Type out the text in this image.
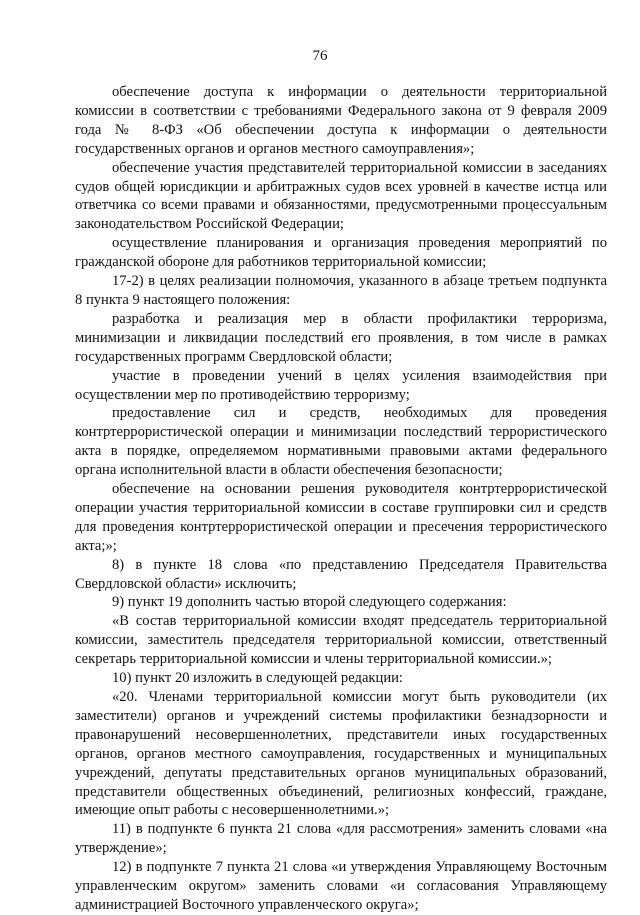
76

обеспечение доступа к информации о деятельности территориальной комиссии в соответствии с требованиями Федерального закона от 9 февраля 2009 года № 8-ФЗ «Об обеспечении доступа к информации о деятельности государственных органов и органов местного самоуправления»;

обеспечение участия представителей территориальной комиссии в заседаниях судов общей юрисдикции и арбитражных судов всех уровней в качестве истца или ответчика со всеми правами и обязанностями, предусмотренными процессуальным законодательством Российской Федерации;

осуществление планирования и организация проведения мероприятий по гражданской обороне для работников территориальной комиссии;

17-2) в целях реализации полномочия, указанного в абзаце третьем подпункта 8 пункта 9 настоящего положения:

разработка и реализация мер в области профилактики терроризма, минимизации и ликвидации последствий его проявления, в том числе в рамках государственных программ Свердловской области;

участие в проведении учений в целях усиления взаимодействия при осуществлении мер по противодействию терроризму;

предоставление сил и средств, необходимых для проведения контртеррористической операции и минимизации последствий террористического акта в порядке, определяемом нормативными правовыми актами федерального органа исполнительной власти в области обеспечения безопасности;

обеспечение на основании решения руководителя контртеррористической операции участия территориальной комиссии в составе группировки сил и средств для проведения контртеррористической операции и пресечения террористического акта;»;

8) в пункте 18 слова «по представлению Председателя Правительства Свердловской области» исключить;

9) пункт 19 дополнить частью второй следующего содержания:

«В состав территориальной комиссии входят председатель территориальной комиссии, заместитель председателя территориальной комиссии, ответственный секретарь территориальной комиссии и члены территориальной комиссии.»;

10) пункт 20 изложить в следующей редакции:

«20. Членами территориальной комиссии могут быть руководители (их заместители) органов и учреждений системы профилактики безнадзорности и правонарушений несовершеннолетних, представители иных государственных органов, органов местного самоуправления, государственных и муниципальных учреждений, депутаты представительных органов муниципальных образований, представители общественных объединений, религиозных конфессий, граждане, имеющие опыт работы с несовершеннолетними.»;

11) в подпункте 6 пункта 21 слова «для рассмотрения» заменить словами «на утверждение»;

12) в подпункте 7 пункта 21 слова «и утверждения Управляющему Восточным управленческим округом» заменить словами «и согласования Управляющему администрацией Восточного управленческого округа»;
